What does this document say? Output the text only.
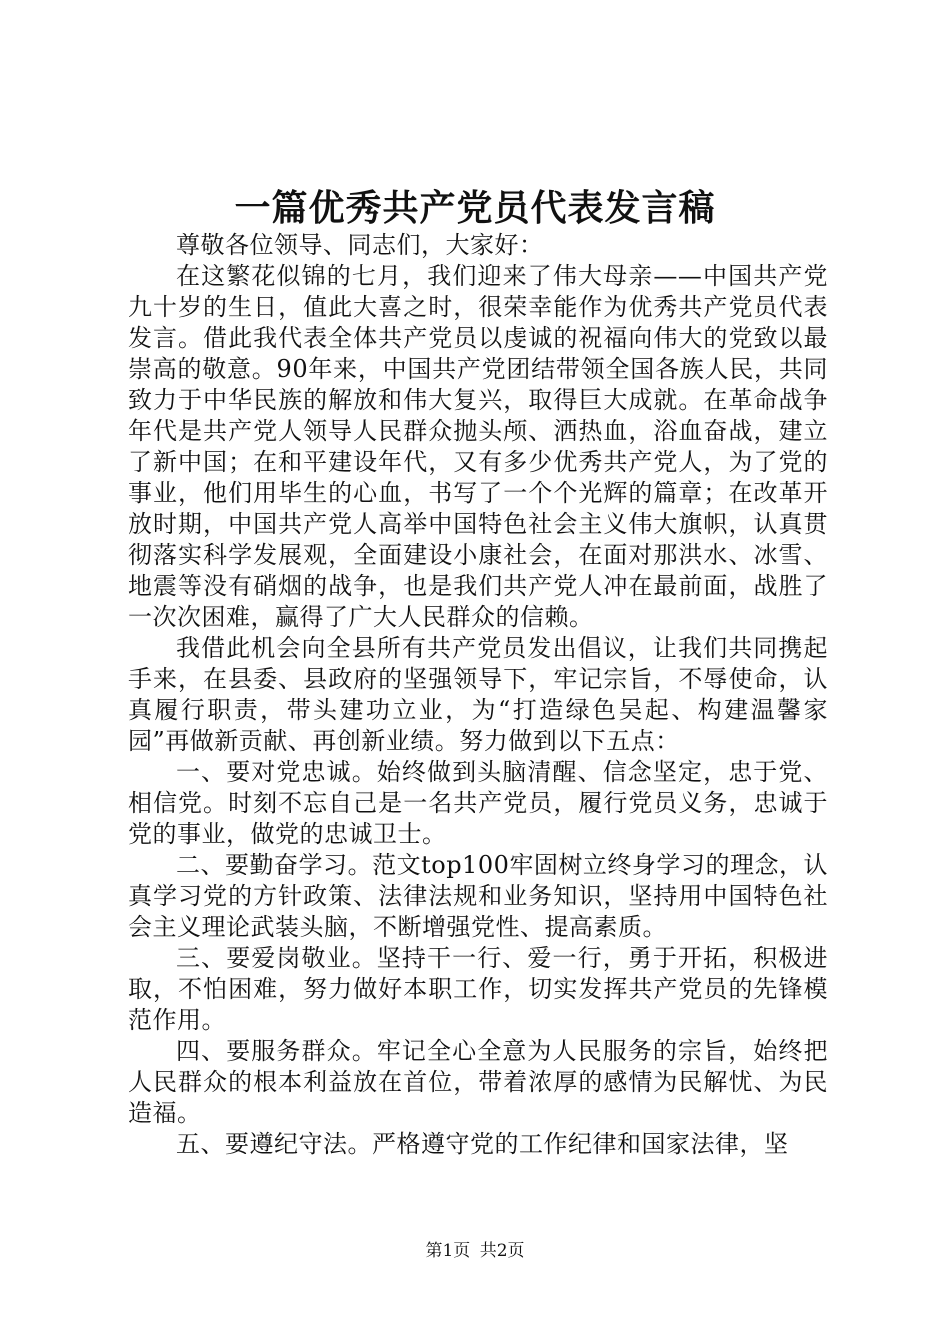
一篇优秀共产党员代表发言稿

尊敬各位领导、同志们，大家好：

在这繁花似锦的七月，我们迎来了伟大母亲——中国共产党九十岁的生日，值此大喜之时，很荣幸能作为优秀共产党员代表发言。借此我代表全体共产党员以虔诚的祝福向伟大的党致以最崇高的敬意。90年来，中国共产党团结带领全国各族人民，共同致力于中华民族的解放和伟大复兴，取得巨大成就。在革命战争年代是共产党人领导人民群众抛头颅、洒热血，浴血奋战，建立了新中国；在和平建设年代，又有多少优秀共产党人，为了党的事业，他们用毕生的心血，书写了一个个光辉的篇章；在改革开放时期，中国共产党人高举中国特色社会主义伟大旗帜，认真贯彻落实科学发展观，全面建设小康社会，在面对那洪水、冰雪、地震等没有硝烟的战争，也是我们共产党人冲在最前面，战胜了一次次困难，赢得了广大人民群众的信赖。

我借此机会向全县所有共产党员发出倡议，让我们共同携起手来，在县委、县政府的坚强领导下，牢记宗旨，不辱使命，认真履行职责，带头建功立业，为“打造绿色吴起、构建温馨家园”再做新贡献、再创新业绩。努力做到以下五点：

一、要对党忠诚。始终做到头脑清醒、信念坚定，忠于党、相信党。时刻不忘自己是一名共产党员，履行党员义务，忠诚于党的事业，做党的忠诚卫士。

二、要勤奋学习。范文top100牢固树立终身学习的理念，认真学习党的方针政策、法律法规和业务知识，坚持用中国特色社会主义理论武装头脑，不断增强党性、提高素质。

三、要爱岗敬业。坚持干一行、爱一行，勇于开拓，积极进取，不怕困难，努力做好本职工作，切实发挥共产党员的先锋模范作用。

四、要服务群众。牢记全心全意为人民服务的宗旨，始终把人民群众的根本利益放在首位，带着浓厚的感情为民解忧、为民造福。

五、要遵纪守法。严格遵守党的工作纪律和国家法律，坚

第1页 共2页
